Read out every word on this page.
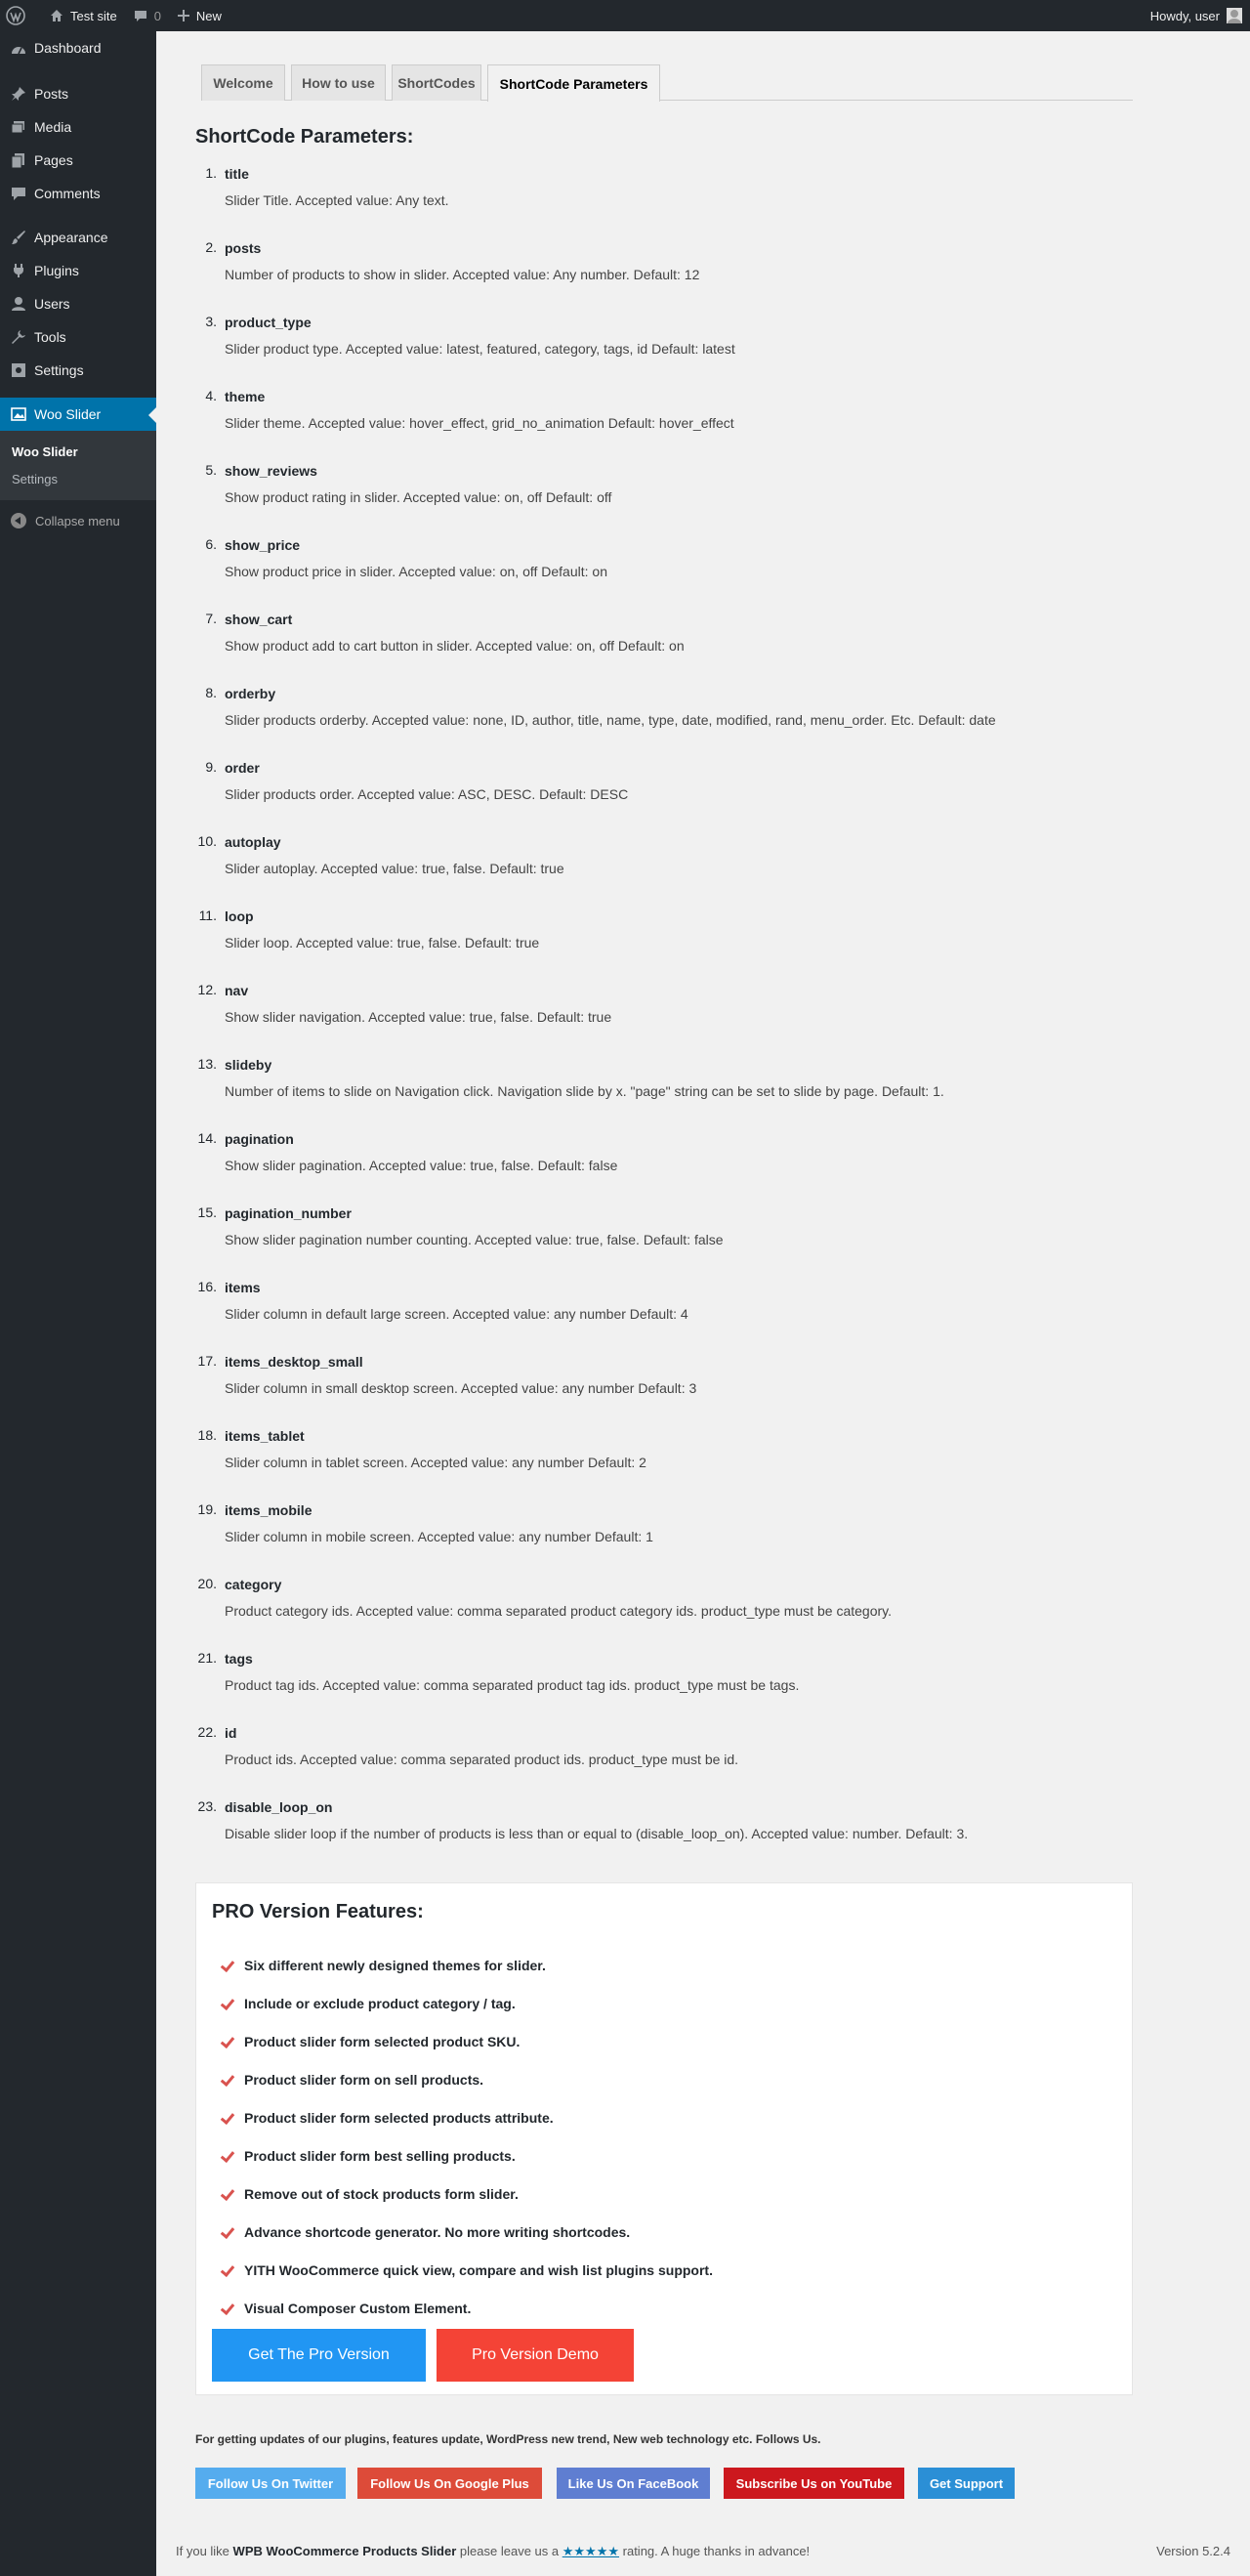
Test site	0	New	Howdy, user
Dashboard
Posts
Media
Pages
Comments
Appearance
Plugins
Users
Tools
Settings
Woo Slider
Woo Slider
Settings
Collapse menu
Welcome	How to use	ShortCodes	ShortCode Parameters
ShortCode Parameters:
1. title
Slider Title. Accepted value: Any text.
2. posts
Number of products to show in slider. Accepted value: Any number. Default: 12
3. product_type
Slider product type. Accepted value: latest, featured, category, tags, id Default: latest
4. theme
Slider theme. Accepted value: hover_effect, grid_no_animation Default: hover_effect
5. show_reviews
Show product rating in slider. Accepted value: on, off Default: off
6. show_price
Show product price in slider. Accepted value: on, off Default: on
7. show_cart
Show product add to cart button in slider. Accepted value: on, off Default: on
8. orderby
Slider products orderby. Accepted value: none, ID, author, title, name, type, date, modified, rand, menu_order. Etc. Default: date
9. order
Slider products order. Accepted value: ASC, DESC. Default: DESC
10. autoplay
Slider autoplay. Accepted value: true, false. Default: true
11. loop
Slider loop. Accepted value: true, false. Default: true
12. nav
Show slider navigation. Accepted value: true, false. Default: true
13. slideby
Number of items to slide on Navigation click. Navigation slide by x. "page" string can be set to slide by page. Default: 1.
14. pagination
Show slider pagination. Accepted value: true, false. Default: false
15. pagination_number
Show slider pagination number counting. Accepted value: true, false. Default: false
16. items
Slider column in default large screen. Accepted value: any number Default: 4
17. items_desktop_small
Slider column in small desktop screen. Accepted value: any number Default: 3
18. items_tablet
Slider column in tablet screen. Accepted value: any number Default: 2
19. items_mobile
Slider column in mobile screen. Accepted value: any number Default: 1
20. category
Product category ids. Accepted value: comma separated product category ids. product_type must be category.
21. tags
Product tag ids. Accepted value: comma separated product tag ids. product_type must be tags.
22. id
Product ids. Accepted value: comma separated product ids. product_type must be id.
23. disable_loop_on
Disable slider loop if the number of products is less than or equal to (disable_loop_on). Accepted value: number. Default: 3.
PRO Version Features:
Six different newly designed themes for slider.
Include or exclude product category / tag.
Product slider form selected product SKU.
Product slider form on sell products.
Product slider form selected products attribute.
Product slider form best selling products.
Remove out of stock products form slider.
Advance shortcode generator. No more writing shortcodes.
YITH WooCommerce quick view, compare and wish list plugins support.
Visual Composer Custom Element.
Get The Pro Version	Pro Version Demo
For getting updates of our plugins, features update, WordPress new trend, New web technology etc. Follows Us.
Follow Us On Twitter	Follow Us On Google Plus	Like Us On FaceBook	Subscribe Us on YouTube	Get Support
If you like WPB WooCommerce Products Slider please leave us a ★★★★★ rating. A huge thanks in advance!	Version 5.2.4
